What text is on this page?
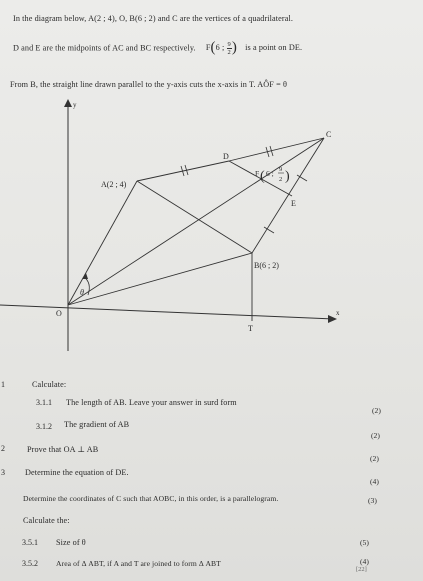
In the diagram below, A(2 ; 4), O, B(6 ; 2) and C are the vertices of a quadrilateral.
D and E are the midpoints of AC and BC respectively. F(6 ; $\frac{9}{2}$ ) is a point on DE.
From B, the straight line drawn parallel to the y-axis cuts the x-axis in T. AÔF = θ
y
x
θ
A(2 ; 4)
B(6 ; 2)
C
D
E
O
T
F ( 6 ; 9
2 )
1	Calculate:
3.1.1 The length of AB. Leave your answer in surd form
(2)
3.1.2 The gradient of AB
(2)
2	Prove that OA ⊥ AB
(2)
3 Determine the equation of DE.
(4)
Determine the coordinates of C such that AOBC, in this order, is a parallelogram.	(3)
Calculate the:
3.5.1 Size of θ	(5)
3.5.2 Area of Δ ABT, if A and T are joined to form Δ ABT	(4)
[22]
